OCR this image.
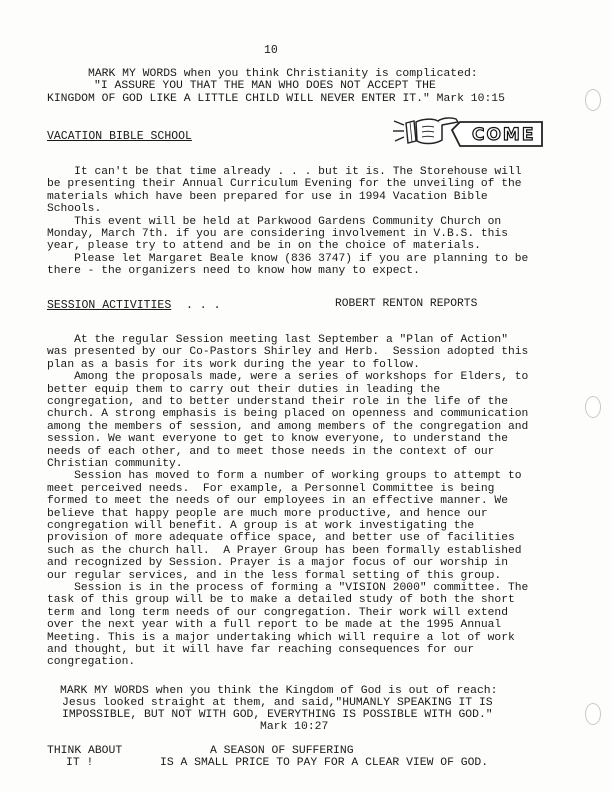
10
MARK MY WORDS when you think Christianity is complicated:
"I ASSURE YOU THAT THE MAN WHO DOES NOT ACCEPT THE
KINGDOM OF GOD LIKE A LITTLE CHILD WILL NEVER ENTER IT." Mark 10:15
VACATION BIBLE SCHOOL	COME

It can't be that time already . . . but it is. The Storehouse will
be presenting their Annual Curriculum Evening for the unveiling of the
materials which have been prepared for use in 1994 Vacation Bible
Schools.

This event will be held at Parkwood Gardens Community Church on
Monday, March 7th. if you are considering involvement in V.B.S. this
year, please try to attend and be in on the choice of materials.

Please let Margaret Beale know (836 3747) if you are planning to be
there - the organizers need to know how many to expect.

SESSION ACTIVITIES . . .	ROBERT RENTON REPORTS

At the regular Session meeting last September a "Plan of Action"
was presented by our Co-Pastors Shirley and Herb.  Session adopted this
plan as a basis for its work during the year to follow.

Among the proposals made, were a series of workshops for Elders, to
better equip them to carry out their duties in leading the
congregation, and to better understand their role in the life of the
church. A strong emphasis is being placed on openness and communication
among the members of session, and among members of the congregation and
session. We want everyone to get to know everyone, to understand the
needs of each other, and to meet those needs in the context of our
Christian community.

Session has moved to form a number of working groups to attempt to
meet perceived needs.  For example, a Personnel Committee is being
formed to meet the needs of our employees in an effective manner. We
believe that happy people are much more productive, and hence our
congregation will benefit. A group is at work investigating the
provision of more adequate office space, and better use of facilities
such as the church hall.  A Prayer Group has been formally established
and recognized by Session. Prayer is a major focus of our worship in
our regular services, and in the less formal setting of this group.

Session is in the process of forming a "VISION 2000" committee. The
task of this group will be to make a detailed study of both the short
term and long term needs of our congregation. Their work will extend
over the next year with a full report to be made at the 1995 Annual
Meeting. This is a major undertaking which will require a lot of work
and thought, but it will have far reaching consequences for our
congregation.

MARK MY WORDS when you think the Kingdom of God is out of reach:
Jesus looked straight at them, and said,"HUMANLY SPEAKING IT IS
IMPOSSIBLE, BUT NOT WITH GOD, EVERYTHING IS POSSIBLE WITH GOD."
Mark 10:27
THINK ABOUT
IT !
A SEASON OF SUFFERING
IS A SMALL PRICE TO PAY FOR A CLEAR VIEW OF GOD.
